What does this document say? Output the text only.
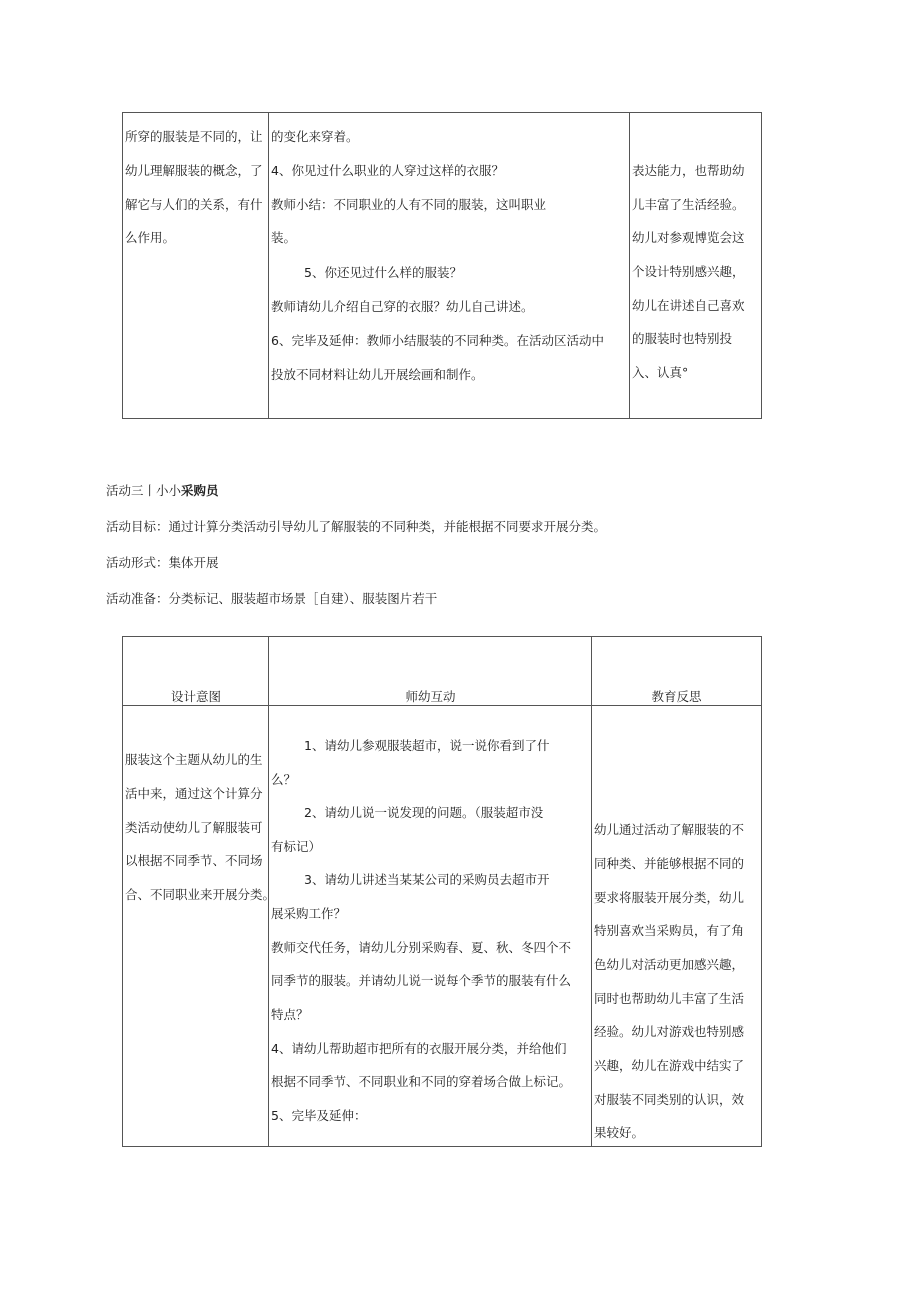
所穿的服装是不同的，让
幼儿理解服装的概念，了
解它与人们的关系，有什
么作用。
的变化来穿着。
4、你见过什么职业的人穿过这样的衣服？
教师小结：不同职业的人有不同的服装，这叫职业
装。
5、你还见过什么样的服装？
教师请幼儿介绍自己穿的衣服？幼儿自己讲述。
6、完毕及延伸：教师小结服装的不同种类。在活动区活动中
投放不同材料让幼儿开展绘画和制作。
表达能力，也帮助幼
儿丰富了生活经验。
幼儿对参观博览会这
个设计特别感兴趣，
幼儿在讲述自己喜欢
的服装时也特别投
入、认真°
活动三丨小小采购员
活动目标：通过计算分类活动引导幼儿了解服装的不同种类，并能根据不同要求开展分类。
活动形式：集体开展
活动准备：分类标记、服装超市场景［自建）、服装图片若干
设计意图	师幼互动	教育反思
服装这个主题从幼儿的生
活中来，通过这个计算分
类活动使幼儿了解服装可
以根据不同季节、不同场
合、不同职业来开展分类。
1、请幼儿参观服装超市，说一说你看到了什
么？
2、请幼儿说一说发现的问题。（服装超市没
有标记）
3、请幼儿讲述当某某公司的采购员去超市开
展采购工作？
教师交代任务，请幼儿分别采购春、夏、秋、冬四个不
同季节的服装。并请幼儿说一说每个季节的服装有什么
特点？
4、请幼儿帮助超市把所有的衣服开展分类，并给他们
根据不同季节、不同职业和不同的穿着场合做上标记。
5、完毕及延伸：
幼儿通过活动了解服装的不
同种类、并能够根据不同的
要求将服装开展分类，幼儿
特别喜欢当采购员，有了角
色幼儿对活动更加感兴趣，
同时也帮助幼儿丰富了生活
经验。幼儿对游戏也特别感
兴趣，幼儿在游戏中结实了
对服装不同类别的认识，效
果较好。
